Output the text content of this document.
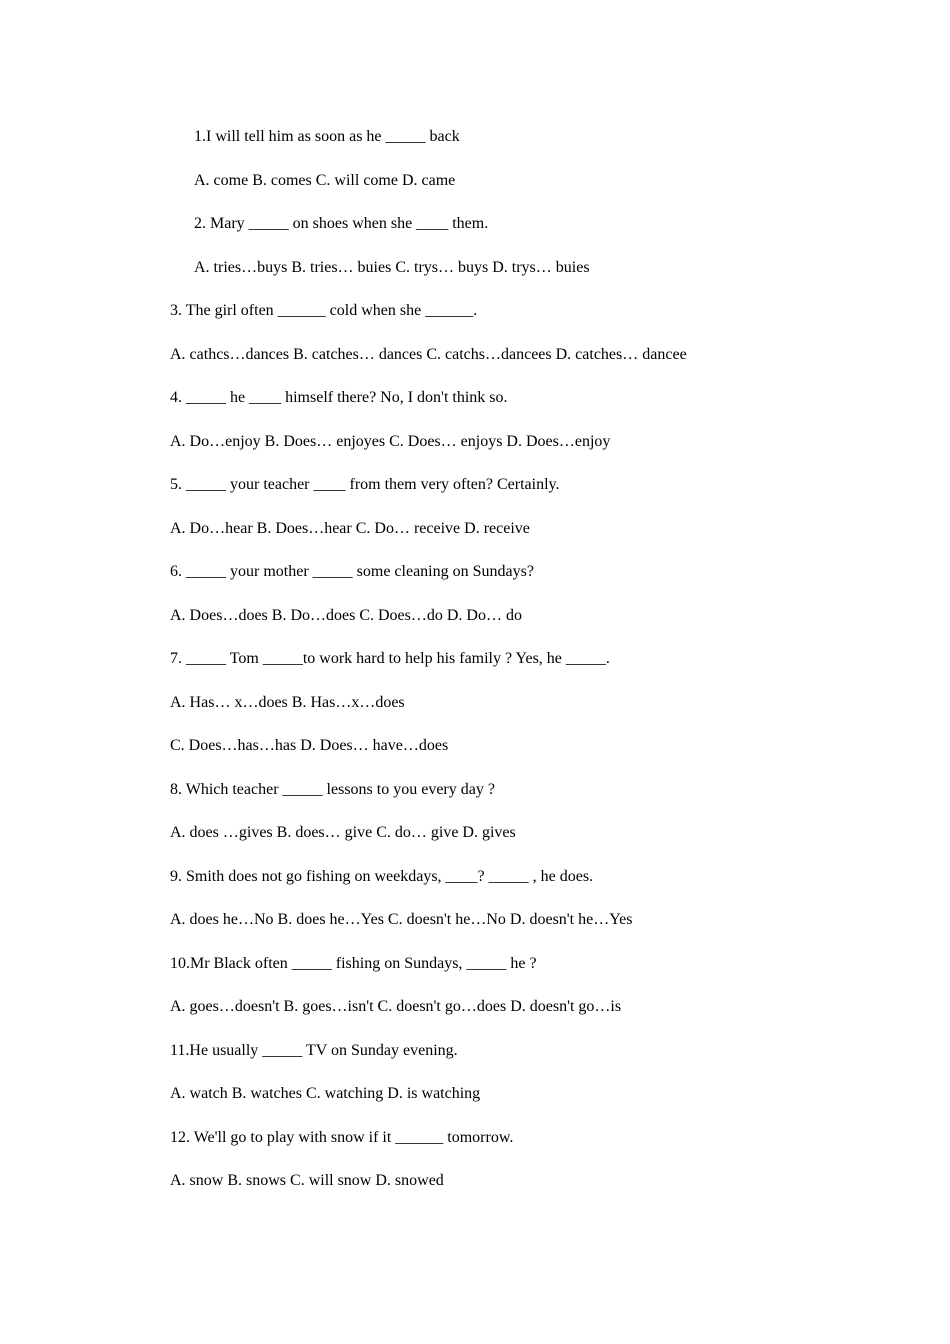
1.I will tell him as soon as he _____ back
A. come B. comes C. will come D. came
2. Mary _____ on shoes when she ____ them.
A. tries…buys B. tries… buies C. trys… buys D. trys… buies
3. The girl often ______ cold when she ______.
A. cathcs…dances B. catches… dances C. catchs…dancees D. catches… dancee
4. _____ he ____ himself there? No, I don't think so.
A. Do…enjoy B. Does… enjoyes C. Does… enjoys D. Does…enjoy
5. _____ your teacher ____ from them very often? Certainly.
A. Do…hear B. Does…hear C. Do… receive D. receive
6. _____ your mother _____ some cleaning on Sundays?
A. Does…does B. Do…does C. Does…do D. Do… do
7. _____ Tom _____to work hard to help his family ? Yes, he _____.
A. Has… x…does B. Has…x…does
C. Does…has…has D. Does… have…does
8. Which teacher _____ lessons to you every day ?
A. does …gives B. does… give C. do… give D. gives
9. Smith does not go fishing on weekdays, ____? _____ , he does.
A. does he…No B. does he…Yes C. doesn't he…No D. doesn't he…Yes
10.Mr Black often _____ fishing on Sundays, _____ he ?
A. goes…doesn't B. goes…isn't C. doesn't go…does D. doesn't go…is
11.He usually _____ TV on Sunday evening.
A. watch B. watches C. watching D. is watching
12. We'll go to play with snow if it ______ tomorrow.
A. snow B. snows C. will snow D. snowed
